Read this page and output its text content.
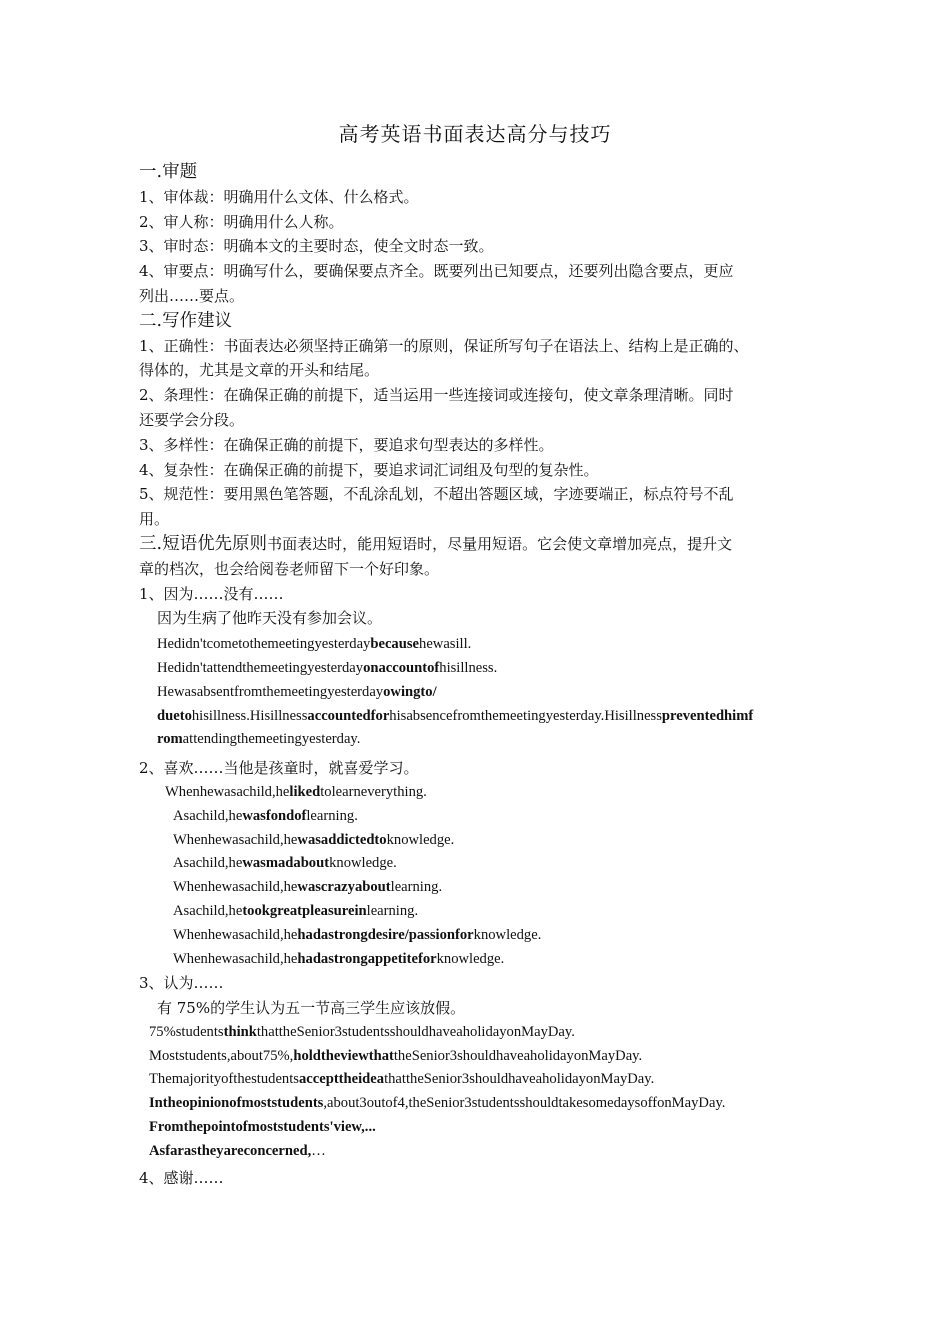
高考英语书面表达高分与技巧
一.审题
1、审体裁：明确用什么文体、什么格式。
2、审人称：明确用什么人称。
3、审时态：明确本文的主要时态，使全文时态一致。
4、审要点：明确写什么，要确保要点齐全。既要列出已知要点，还要列出隐含要点，更应
列出……要点。
二.写作建议
1、正确性：书面表达必须坚持正确第一的原则，保证所写句子在语法上、结构上是正确的、
得体的，尤其是文章的开头和结尾。
2、条理性：在确保正确的前提下，适当运用一些连接词或连接句，使文章条理清晰。同时
还要学会分段。
3、多样性：在确保正确的前提下，要追求句型表达的多样性。
4、复杂性：在确保正确的前提下，要追求词汇词组及句型的复杂性。
5、规范性：要用黑色笔答题，不乱涂乱划，不超出答题区域，字迹要端正，标点符号不乱
用。
三.短语优先原则书面表达时，能用短语时，尽量用短语。它会使文章增加亮点，提升文
章的档次，也会给阅卷老师留下一个好印象。
1、因为……没有……
因为生病了他昨天没有参加会议。
Hedidn'tcometothemeetingyesterdaybecausehewasill.
Hedidn'tattendthemeetingyesterdayonaccountofhisillness.
Hewasabsentfromthemeetingyesterdayowingto/
duetohisillness.Hisillnessaccountedforhisabsencefromthemeetingyesterday.Hisillnesspreventedhimf
romattendingthemeetingyesterday.
2、喜欢……当他是孩童时，就喜爱学习。
Whenhewasachild,helikedtolearneverything.
Asachild,hewasfondoflearning.
Whenhewasachild,hewasaddictedtoknowledge.
Asachild,hewasmadaboutknowledge.
Whenhewasachild,hewascrazyaboutlearning.
Asachild,hetookgreatpleasureinlearning.
Whenhewasachild,hehadastrongdesire/passionforknowledge.
Whenhewasachild,hehadastrongappetiteforknowledge.
3、认为……
有 75%的学生认为五一节高三学生应该放假。
75%studentsthinkthattheSenior3studentsshouldhaveaholidayonMayDay.
Moststudents,about75%,holdtheviewthattheSenior3shouldhaveaholidayonMayDay.
ThemajorityofthestudentsaccepttheideathattheSenior3shouldhaveaholidayonMayDay.
Intheopinionofmoststudents,about3outof4,theSenior3studentsshouldtakesomedaysoffonMayDay.
Fromthepointofmoststudents'view,...
Asfarastheyareconcerned,…
4、感谢……
